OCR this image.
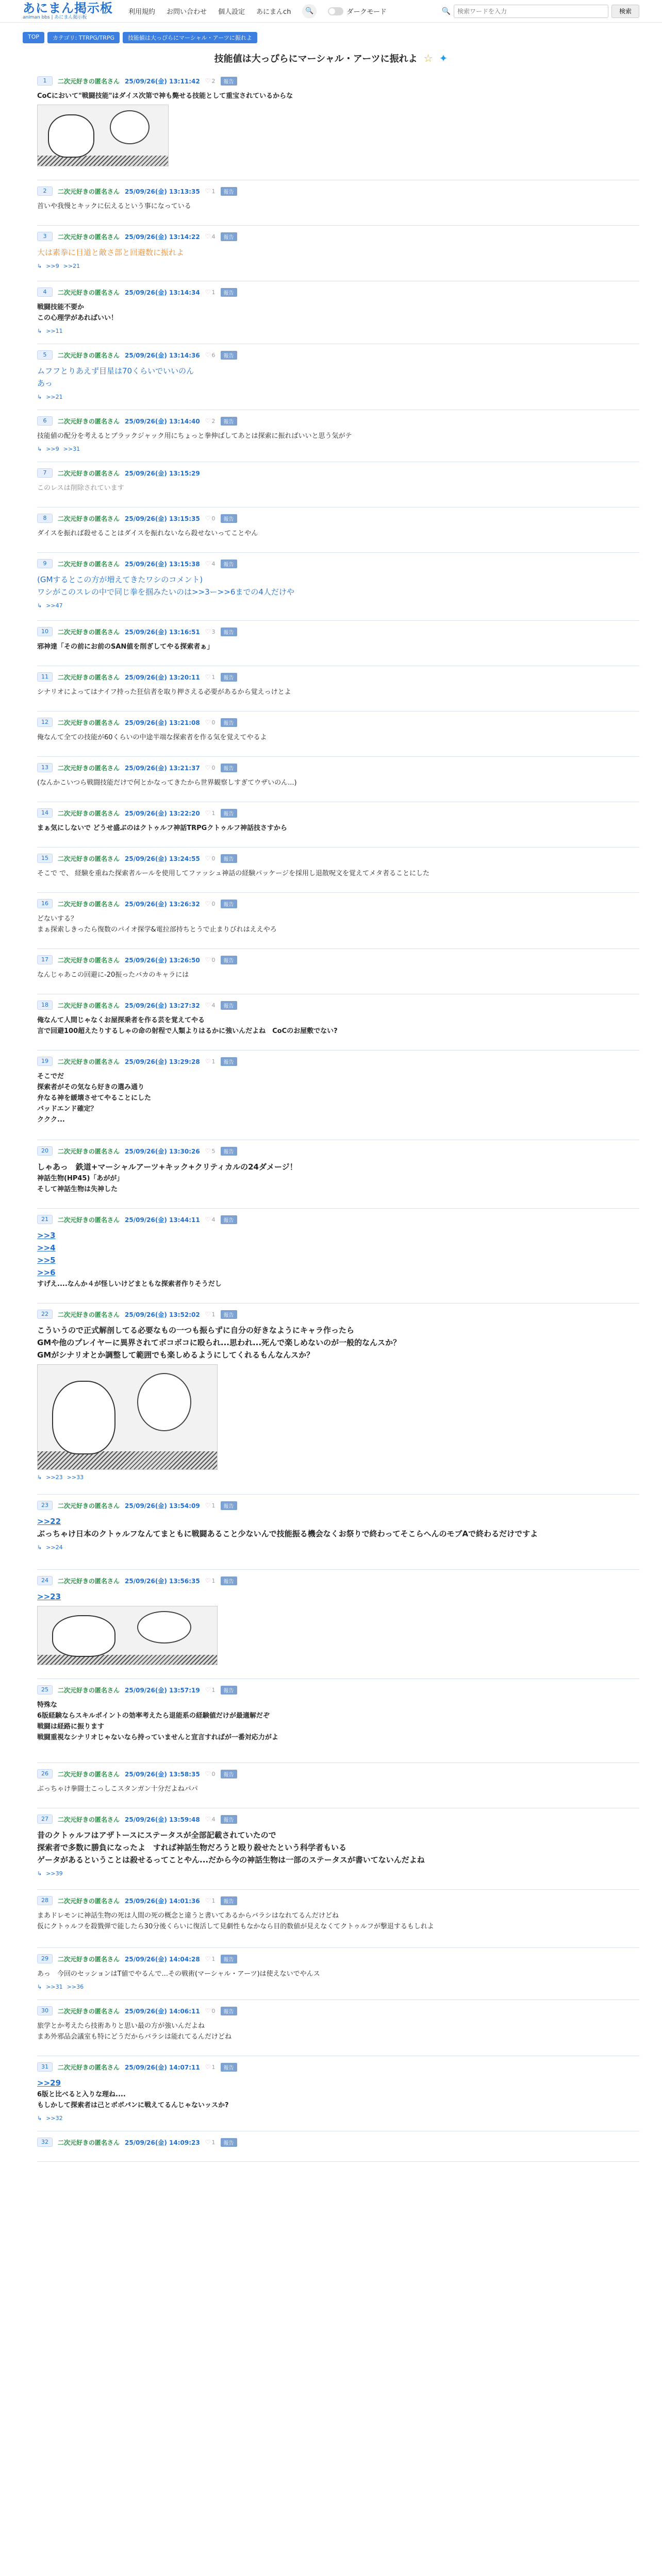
あにまん掲示板
animan bbs | あにまん掲示板
利用規約 お問い合わせ 個人設定 あにまんch	🔍	ダークモード	🔍
検索ワードを入力	検索
TOP	カテゴリ: TTRPG/TRPG	技能値は大っぴらにマーシャル・アーツに振れよ
技能値は大っぴらにマーシャル・アーツに振れよ ☆ ✦
1	二次元好きの匿名さん 25/09/26(金) 13:11:42 ♡ 2	報告
CoCにおいて"戦闘技能"はダイス次第で神も斃せる技能として重宝されているからな
2	二次元好きの匿名さん 25/09/26(金) 13:13:35 ♡ 1	報告
首いや我慢とキックに伝えるという事になっている
3	二次元好きの匿名さん 25/09/26(金) 13:14:22 ♡ 4	報告
大は素拳に目道と敵さ部と回避数に振れよ
↳ >>9 >>21
4	二次元好きの匿名さん 25/09/26(金) 13:14:34 ♡ 1	報告
戦闘技能不要か
この心理学があればいい！
↳ >>11
5	二次元好きの匿名さん 25/09/26(金) 13:14:36 ♡ 6	報告
ムフフとりあえず目星は70くらいでいいのん
あっ
↳ >>21
6	二次元好きの匿名さん 25/09/26(金) 13:14:40 ♡ 2	報告
技能値の配分を考えるとブラックジャック用にちょっと拳伸ばしてあとは探索に振ればいいと思う気がテ
↳ >>9 >>31
7	二次元好きの匿名さん 25/09/26(金) 13:15:29
このレスは削除されています
8	二次元好きの匿名さん 25/09/26(金) 13:15:35 ♡ 0	報告
ダイスを振れば殺せることはダイスを振れないなら殺せないってことやん
9	二次元好きの匿名さん 25/09/26(金) 13:15:38 ♡ 4	報告
(GMするとこの方が増えてきたワシのコメント)
ワシがこのスレの中で同じ拳を掴みたいのは>>3ー>>6までの4人だけや
↳ >>47
10	二次元好きの匿名さん 25/09/26(金) 13:16:51 ♡ 3	報告
邪神達「その前にお前のSAN値を削ぎしてやる探索者ぁ」
11	二次元好きの匿名さん 25/09/26(金) 13:20:11 ♡ 1	報告
シナリオによってはナイフ持った狂信者を取り押さえる必要があるから覚えっけとよ
12	二次元好きの匿名さん 25/09/26(金) 13:21:08 ♡ 0	報告
俺なんて全ての技能が60くらいの中途半端な探索者を作る気を覚えてやるよ
13	二次元好きの匿名さん 25/09/26(金) 13:21:37 ♡ 0	報告
(なんかこいつら戦闘技能だけで何とかなってきたから世界観察しすぎてウザいのん...)
14	二次元好きの匿名さん 25/09/26(金) 13:22:20 ♡ 1	報告
まぁ気にしないで どうせ盛ぶのはクトゥルフ神話TRPGクトゥルフ神話技さすから
15	二次元好きの匿名さん 25/09/26(金) 13:24:55 ♡ 0	報告
そこで で、 経験を重ねた探索者ルールを使用してファッシュ神話の経験パッケージを採用し退散呪文を覚えてメタ者ることにした
16	二次元好きの匿名さん 25/09/26(金) 13:26:32 ♡ 0	報告
どないする？
まぁ探索しきったら復数のパイオ探学&電拉部持ちとうで止まりびれはええやろ
17	二次元好きの匿名さん 25/09/26(金) 13:26:50 ♡ 0	報告
なんじゃあこの回避に-20振ったバカのキャラには
18	二次元好きの匿名さん 25/09/26(金) 13:27:32 ♡ 4	報告
俺なんて人間じゃなくお屋探乗者を作る芸を覚えてやる
言で回避100超えたりするしゃの命の射程で人類よりはるかに強いんだよね　CoCのお屋敷でない?
19	二次元好きの匿名さん 25/09/26(金) 13:29:28 ♡ 1	報告
そこでだ
探索者がその気なら好きの選み通り
弁なる神を緩壊させてやることにした
バッドエンド確定？
ククク...
20	二次元好きの匿名さん 25/09/26(金) 13:30:26 ♡ 5	報告
しゃあっ　鉄道+マーシャルアーツ+キック+クリティカルの24ダメージ！
神話生物(HP45)「あがが」
そして神話生物は失神した
21	二次元好きの匿名さん 25/09/26(金) 13:44:11 ♡ 4	報告
>>3
>>4
>>5
>>6
すげえ....なんか４が怪しいけどまともな探索者作りそうだし
22	二次元好きの匿名さん 25/09/26(金) 13:52:02 ♡ 1	報告
こういうので正式解剖してる必要なもの一つも振らずに自分の好きなようにキャラ作ったら
GMや他のプレイヤーに異界されてボコボコに殴られ...思われ...死んで楽しめないのが一般的なんスか？
GMがシナリオとか調整して範囲でも楽しめるようにしてくれるもんなんスか？
↳ >>23 >>33
23	二次元好きの匿名さん 25/09/26(金) 13:54:09 ♡ 1	報告
>>22
ぶっちゃけ日本のクトゥルフなんてまともに戦闘あること少ないんで技能振る機会なくお祭りで終わってそこらへんのモブAで終わるだけですよ
↳ >>24
24	二次元好きの匿名さん 25/09/26(金) 13:56:35 ♡ 1	報告
>>23
25	二次元好きの匿名さん 25/09/26(金) 13:57:19 ♡ 1	報告
特殊な
6版経験ならスキルポイントの効率考えたら退能系の経験値だけが最適解だぞ
戦闘は経路に振ります
戦闘重視なシナリオじゃないなら持っていませんと宣言すればが一番対応力がよ
26	二次元好きの匿名さん 25/09/26(金) 13:58:35 ♡ 0	報告
ぶっちゃけ拳闘士こっしこスタンガン十分だよねパパ
27	二次元好きの匿名さん 25/09/26(金) 13:59:48 ♡ 4	報告
昔のクトゥルフはアザトースにステータスが全部記載されていたので
探索者で多数に勝負になったよ　すれば神話生物だろうと殴り殺せたという科学者もいる
ゲータがあるということは殺せるってことやん...だから今の神話生物は一部のステータスが書いてないんだよね
↳ >>39
28	二次元好きの匿名さん 25/09/26(金) 14:01:36 ♡ 1	報告
まあドレモンに神話生物の死は人間の死の概念と違うと書いてあるからバラシはなれてるんだけどね
仮にクトゥルフを殺戮弾で能したら30分後くらいに復活して見劇性もなかなら目的数値が見えなくてクトゥルフが撃退するもしれよ
29	二次元好きの匿名さん 25/09/26(金) 14:04:28 ♡ 1	報告
あっ　今回のセッションはT値でやるんで...その戦術(マーシャル・アーツ)は使えないでやんス
↳ >>31 >>36
30	二次元好きの匿名さん 25/09/26(金) 14:06:11 ♡ 0	報告
旅学とか考えたら技術ありと思い最の方が強いんだよね
まあ外邪品会議室も特にどうだからバラシは能れてるんだけどね
31	二次元好きの匿名さん 25/09/26(金) 14:07:11 ♡ 1	報告
>>29
6版と比べると入りな理ね....
もしかして探索者は己とボボパンに戦えてるんじゃないッスか?
↳ >>32
32	二次元好きの匿名さん 25/09/26(金) 14:09:23 ♡ 1	報告
